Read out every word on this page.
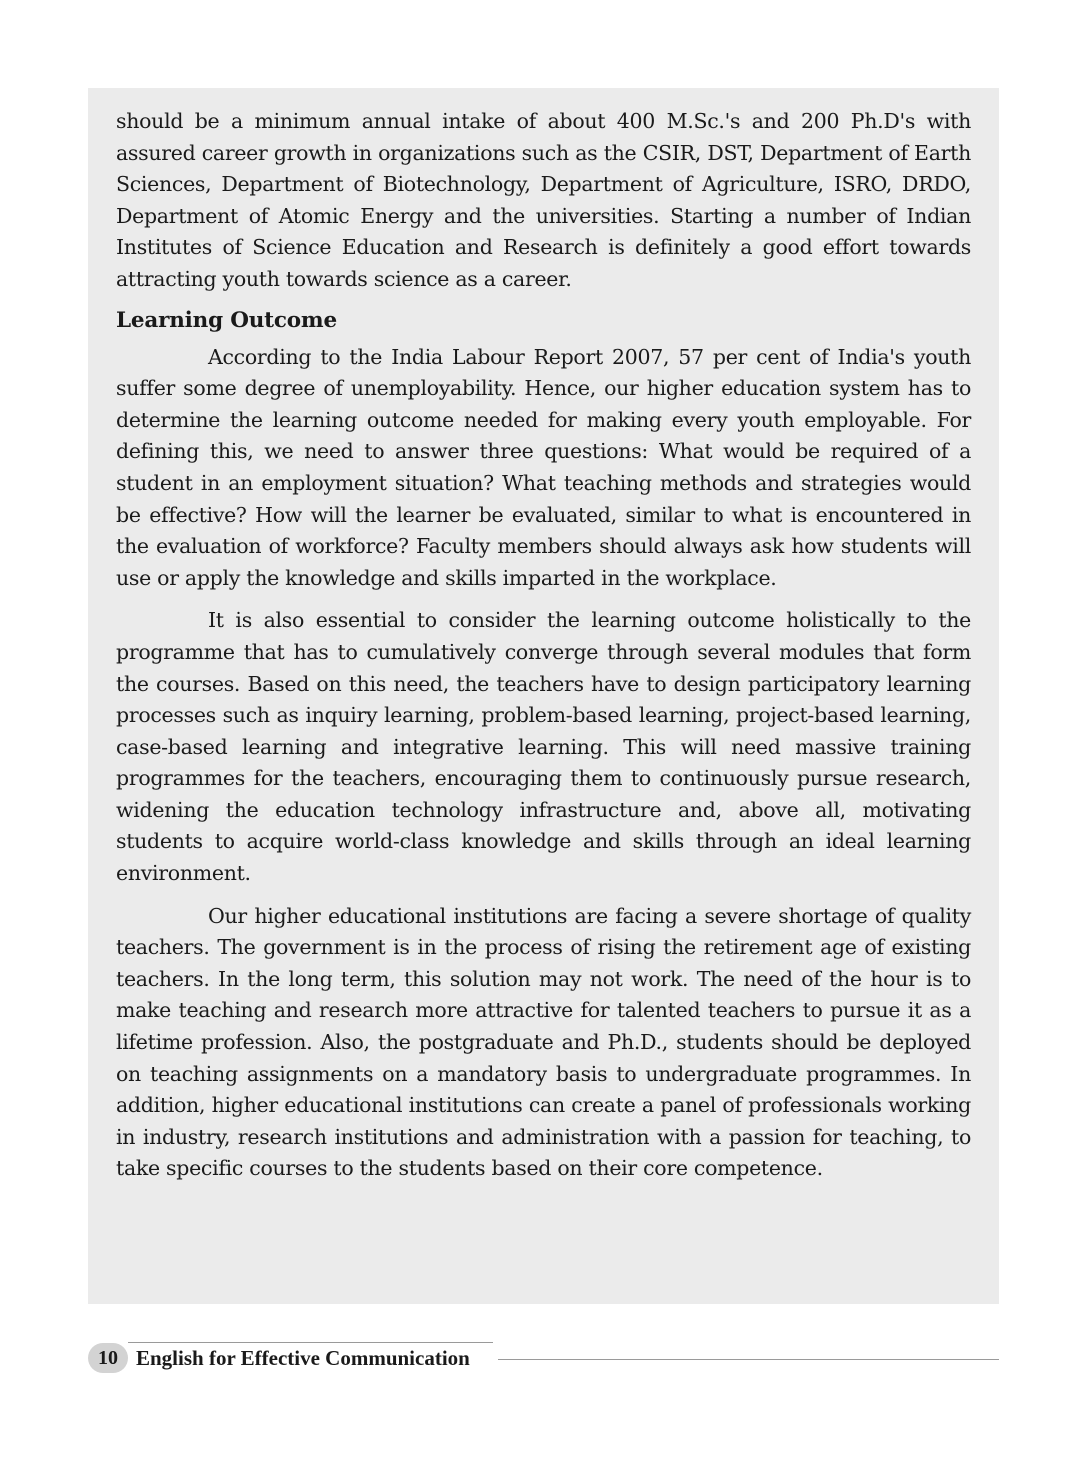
should be a minimum annual intake of about 400 M.Sc.'s and 200 Ph.D's with assured career growth in organizations such as the CSIR, DST, Department of Earth Sciences, Department of Biotechnology, Department of Agriculture, ISRO, DRDO, Department of Atomic Energy and the universities. Starting a number of Indian Institutes of Science Education and Research is definitely a good effort towards attracting youth towards science as a career.

Learning Outcome

According to the India Labour Report 2007, 57 per cent of India's youth suffer some degree of unemployability. Hence, our higher education system has to determine the learning outcome needed for making every youth employable. For defining this, we need to answer three questions: What would be required of a student in an employment situation? What teaching methods and strategies would be effective? How will the learner be evaluated, similar to what is encountered in the evaluation of workforce? Faculty members should always ask how students will use or apply the knowledge and skills imparted in the workplace.

It is also essential to consider the learning outcome holistically to the programme that has to cumulatively converge through several modules that form the courses. Based on this need, the teachers have to design participatory learning processes such as inquiry learning, problem-based learning, project-based learning, case-based learning and integrative learning. This will need massive training programmes for the teachers, encouraging them to continuously pursue research, widening the education technology infrastructure and, above all, motivating students to acquire world-class knowledge and skills through an ideal learning environment.

Our higher educational institutions are facing a severe shortage of quality teachers. The government is in the process of rising the retirement age of existing teachers. In the long term, this solution may not work. The need of the hour is to make teaching and research more attractive for talented teachers to pursue it as a lifetime profession. Also, the postgraduate and Ph.D., students should be deployed on teaching assignments on a mandatory basis to undergraduate programmes. In addition, higher educational institutions can create a panel of professionals working in industry, research institutions and administration with a passion for teaching, to take specific courses to the students based on their core competence.

10 English for Effective Communication
